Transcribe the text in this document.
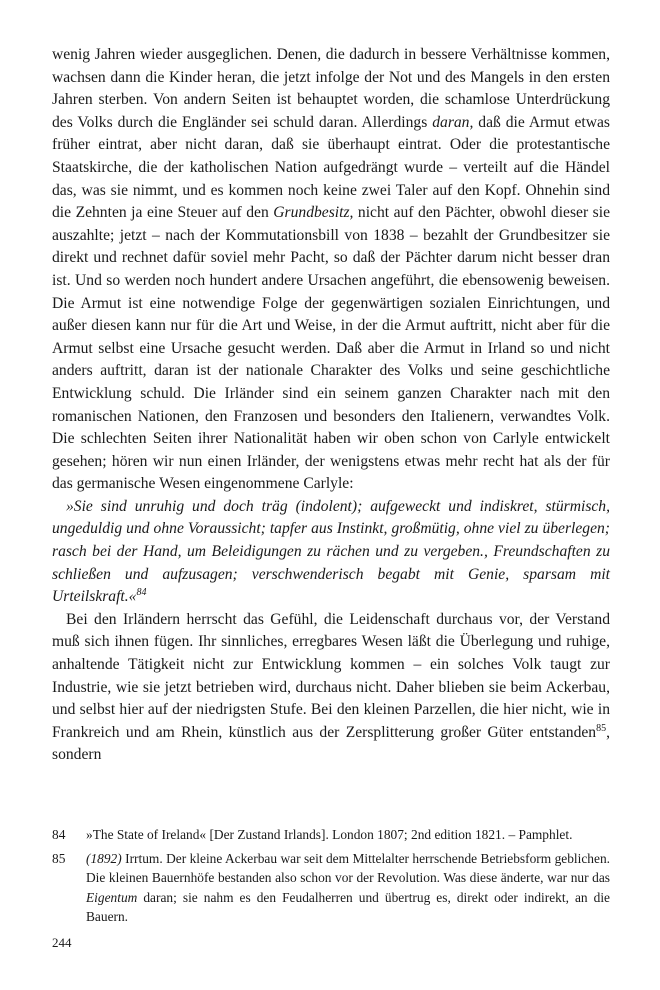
wenig Jahren wieder ausgeglichen. Denen, die dadurch in bessere Verhältnisse kommen, wachsen dann die Kinder heran, die jetzt infolge der Not und des Mangels in den ersten Jahren sterben. Von andern Seiten ist behauptet worden, die schamlose Unterdrückung des Volks durch die Engländer sei schuld daran. Allerdings daran, daß die Armut etwas früher eintrat, aber nicht daran, daß sie überhaupt eintrat. Oder die protestantische Staatskirche, die der katholischen Nation aufgedrängt wurde – verteilt auf die Händel das, was sie nimmt, und es kommen noch keine zwei Taler auf den Kopf. Ohnehin sind die Zehnten ja eine Steuer auf den Grundbesitz, nicht auf den Pächter, obwohl dieser sie auszahlte; jetzt – nach der Kommutationsbill von 1838 – bezahlt der Grundbesitzer sie direkt und rechnet dafür soviel mehr Pacht, so daß der Pächter darum nicht besser dran ist. Und so werden noch hundert andere Ursachen angeführt, die ebensowenig beweisen. Die Armut ist eine notwendige Folge der gegenwärtigen sozialen Einrichtungen, und außer diesen kann nur für die Art und Weise, in der die Armut auftritt, nicht aber für die Armut selbst eine Ursache gesucht werden. Daß aber die Armut in Irland so und nicht anders auftritt, daran ist der nationale Charakter des Volks und seine geschichtliche Entwicklung schuld. Die Irländer sind ein seinem ganzen Charakter nach mit den romanischen Nationen, den Franzosen und besonders den Italienern, verwandtes Volk. Die schlechten Seiten ihrer Nationalität haben wir oben schon von Carlyle entwickelt gesehen; hören wir nun einen Irländer, der wenigstens etwas mehr recht hat als der für das germanische Wesen eingenommene Carlyle:

»Sie sind unruhig und doch träg (indolent); aufgeweckt und indiskret, stürmisch, ungeduldig und ohne Voraussicht; tapfer aus Instinkt, großmütig, ohne viel zu überlegen; rasch bei der Hand, um Beleidigungen zu rächen und zu vergeben., Freundschaften zu schließen und aufzusagen; verschwenderisch begabt mit Genie, sparsam mit Urteilskraft.«$^{84}$

Bei den Irländern herrscht das Gefühl, die Leidenschaft durchaus vor, der Verstand muß sich ihnen fügen. Ihr sinnliches, erregbares Wesen läßt die Überlegung und ruhige, anhaltende Tätigkeit nicht zur Entwicklung kommen – ein solches Volk taugt zur Industrie, wie sie jetzt betrieben wird, durchaus nicht. Daher blieben sie beim Ackerbau, und selbst hier auf der niedrigsten Stufe. Bei den kleinen Parzellen, die hier nicht, wie in Frankreich und am Rhein, künstlich aus der Zersplitterung großer Güter entstanden$^{85}$, sondern

84	»The State of Ireland« [Der Zustand Irlands]. London 1807; 2nd edition 1821. – Pamphlet.
85	(1892) Irrtum. Der kleine Ackerbau war seit dem Mittelalter herrschende Betriebsform geblichen. Die kleinen Bauernhöfe bestanden also schon vor der Revolution. Was diese änderte, war nur das Eigentum daran; sie nahm es den Feudalherren und übertrug es, direkt oder indirekt, an die Bauern.
244
